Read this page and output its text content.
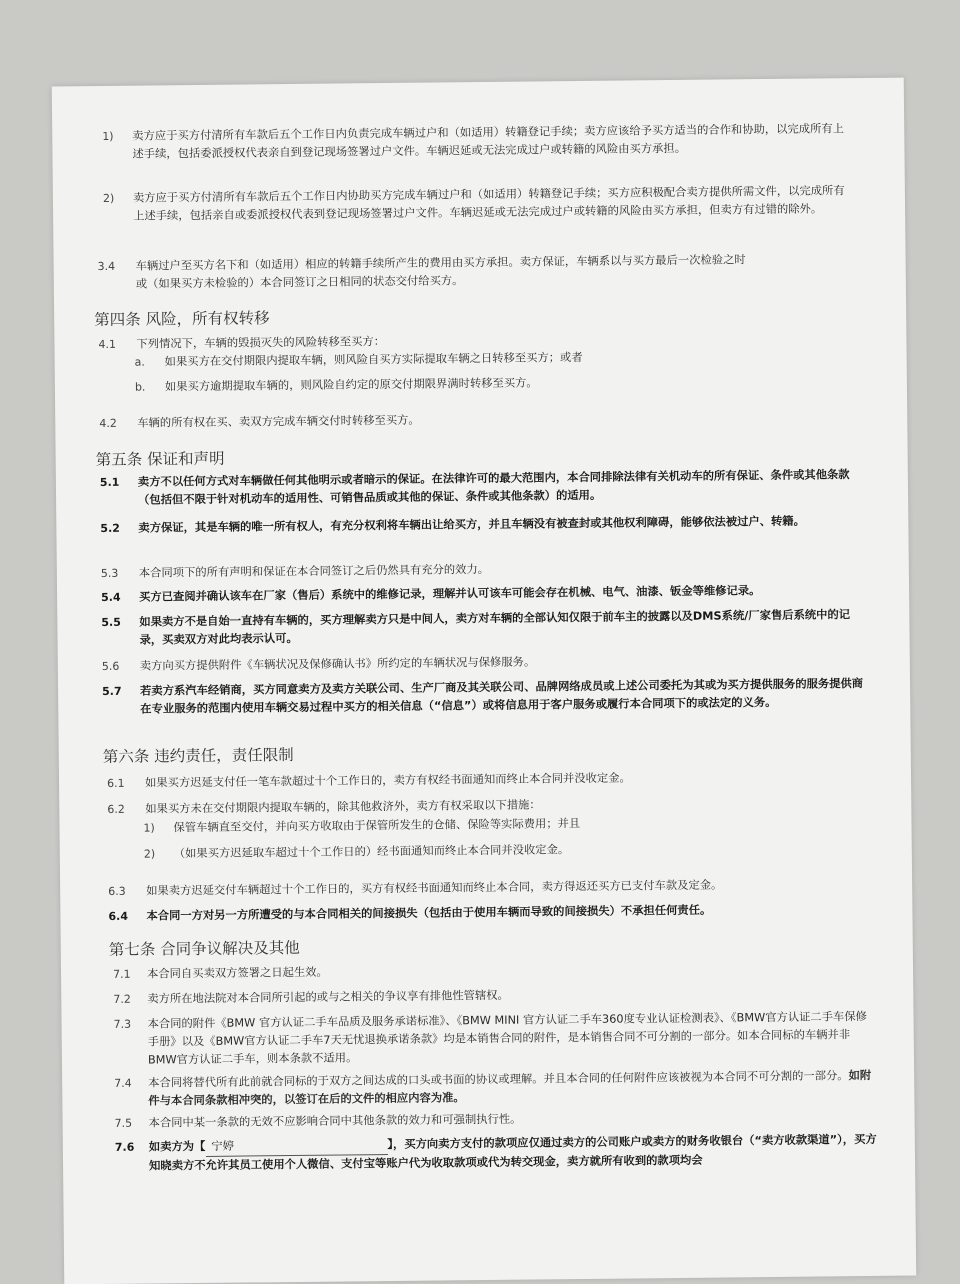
1) 卖方应于买方付清所有车款后五个工作日内负责完成车辆过户和（如适用）转籍登记手续；卖方应该给予买方适当的合作和协助，以完成所有上述手续，包括委派授权代表亲自到登记现场签署过户文件。车辆迟延或无法完成过户或转籍的风险由买方承担。
2) 卖方应于买方付清所有车款后五个工作日内协助买方完成车辆过户和（如适用）转籍登记手续；买方应积极配合卖方提供所需文件，以完成所有上述手续，包括亲自或委派授权代表到登记现场签署过户文件。车辆迟延或无法完成过户或转籍的风险由买方承担，但卖方有过错的除外。
3.4 车辆过户至买方名下和（如适用）相应的转籍手续所产生的费用由买方承担。卖方保证，车辆系以与买方最后一次检验之时或（如果买方未检验的）本合同签订之日相同的状态交付给买方。
第四条 风险，所有权转移
4.1 下列情况下，车辆的毁损灭失的风险转移至买方：
a. 如果买方在交付期限内提取车辆，则风险自买方实际提取车辆之日转移至买方；或者
b. 如果买方逾期提取车辆的，则风险自约定的原交付期限界满时转移至买方。
4.2 车辆的所有权在买、卖双方完成车辆交付时转移至买方。
第五条 保证和声明
5.1 卖方不以任何方式对车辆做任何其他明示或者暗示的保证。在法律许可的最大范围内，本合同排除法律有关机动车的所有保证、条件或其他条款（包括但不限于针对机动车的适用性、可销售品质或其他的保证、条件或其他条款）的适用。
5.2 卖方保证，其是车辆的唯一所有权人，有充分权利将车辆出让给买方，并且车辆没有被查封或其他权利障碍，能够依法被过户、转籍。
5.3 本合同项下的所有声明和保证在本合同签订之后仍然具有充分的效力。
5.4 买方已查阅并确认该车在厂家（售后）系统中的维修记录，理解并认可该车可能会存在机械、电气、油漆、钣金等维修记录。
5.5 如果卖方不是自始一直持有车辆的，买方理解卖方只是中间人，卖方对车辆的全部认知仅限于前车主的披露以及DMS系统/厂家售后系统中的记录，买卖双方对此均表示认可。
5.6 卖方向买方提供附件《车辆状况及保修确认书》所约定的车辆状况与保修服务。
5.7 若卖方系汽车经销商，买方同意卖方及卖方关联公司、生产厂商及其关联公司、品牌网络成员或上述公司委托为其或为买方提供服务的服务提供商在专业服务的范围内使用车辆交易过程中买方的相关信息（“信息”）或将信息用于客户服务或履行本合同项下的或法定的义务。
第六条 违约责任，责任限制
6.1 如果买方迟延支付任一笔车款超过十个工作日的，卖方有权经书面通知而终止本合同并没收定金。
6.2 如果买方未在交付期限内提取车辆的，除其他救济外，卖方有权采取以下措施：
1) 保管车辆直至交付，并向买方收取由于保管所发生的仓储、保险等实际费用；并且
2) （如果买方迟延取车超过十个工作日的）经书面通知而终止本合同并没收定金。
6.3 如果卖方迟延交付车辆超过十个工作日的，买方有权经书面通知而终止本合同，卖方得返还买方已支付车款及定金。
6.4 本合同一方对另一方所遭受的与本合同相关的间接损失（包括由于使用车辆而导致的间接损失）不承担任何责任。
第七条 合同争议解决及其他
7.1 本合同自买卖双方签署之日起生效。
7.2 卖方所在地法院对本合同所引起的或与之相关的争议享有排他性管辖权。
7.3 本合同的附件《BMW 官方认证二手车品质及服务承诺标准》、《BMW MINI 官方认证二手车360度专业认证检测表》、《BMW官方认证二手车保修手册》以及《BMW官方认证二手车7天无忧退换承诺条款》均是本销售合同的附件，是本销售合同不可分割的一部分。如本合同标的车辆并非BMW官方认证二手车，则本条款不适用。
7.4 本合同将替代所有此前就合同标的于双方之间达成的口头或书面的协议或理解。并且本合同的任何附件应该被视为本合同不可分割的一部分。如附件与本合同条款相冲突的，以签订在后的文件的相应内容为准。
7.5 本合同中某一条款的无效不应影响合同中其他条款的效力和可强制执行性。
7.6 如卖方为【 宁婷	】，买方向卖方支付的款项应仅通过卖方的公司账户或卖方的财务收银台（“卖方收款渠道”），买方知晓卖方不允许其员工使用个人微信、支付宝等账户代为收取款项或代为转交现金，卖方就所有收到的款项均会
